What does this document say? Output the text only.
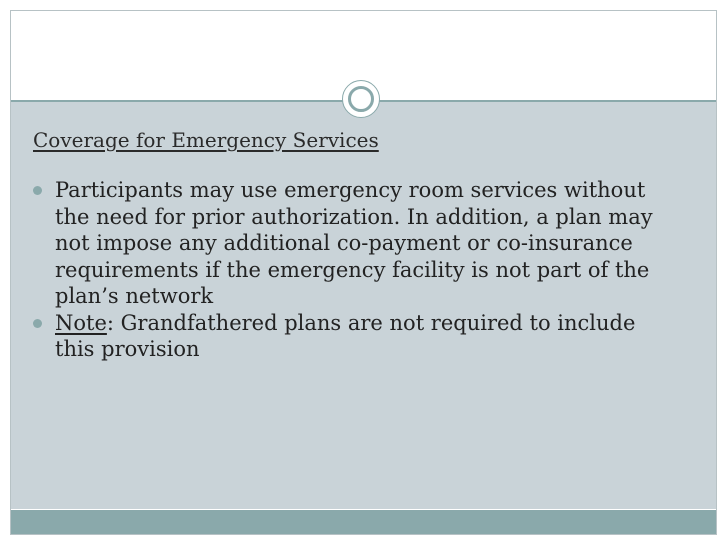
Coverage for Emergency Services
Participants may use emergency room services without the need for prior authorization. In addition, a plan may not impose any additional co-payment or co-insurance requirements if the emergency facility is not part of the plan’s network
Note: Grandfathered plans are not required to include this provision
